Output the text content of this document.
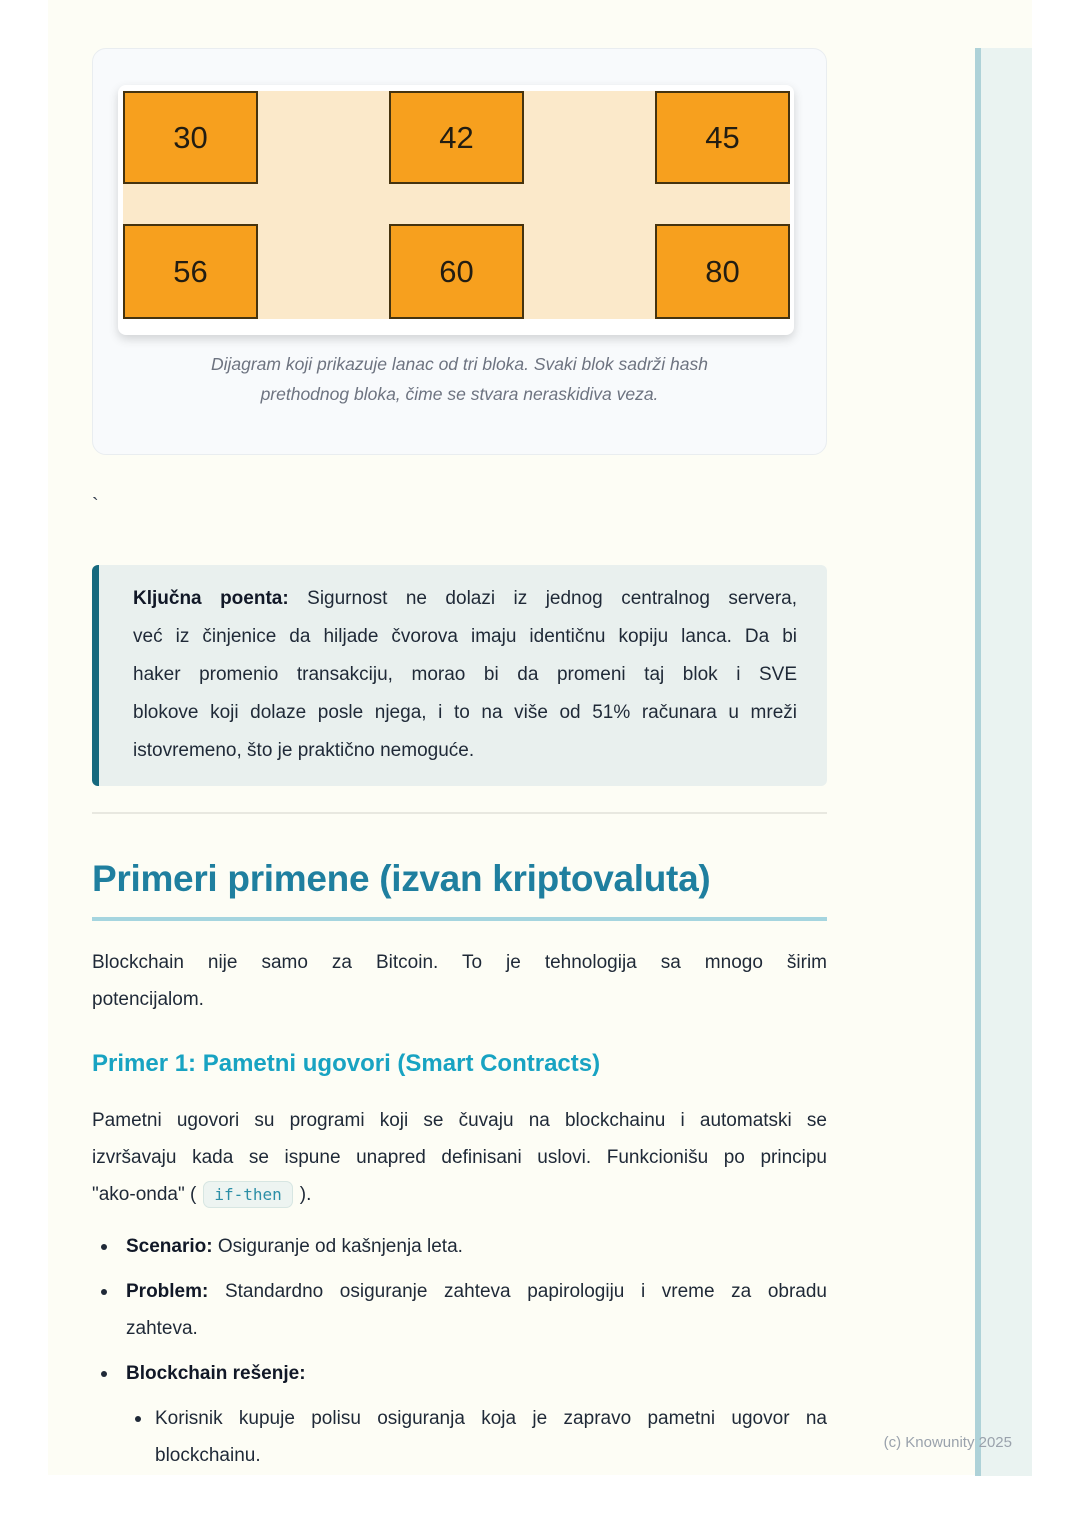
30	42	45
56	60	80
Dijagram koji prikazuje lanac od tri bloka. Svaki blok sadrži hash
prethodnog bloka, čime se stvara neraskidiva veza.
`
Ključna poenta: Sigurnost ne dolazi iz jednog centralnog servera,
već iz činjenice da hiljade čvorova imaju identičnu kopiju lanca. Da bi
haker promenio transakciju, morao bi da promeni taj blok i SVE
blokove koji dolaze posle njega, i to na više od 51% računara u mreži
istovremeno, što je praktično nemoguće.
Primeri primene (izvan kriptovaluta)
Blockchain nije samo za Bitcoin. To je tehnologija sa mnogo širim
potencijalom.
Primer 1: Pametni ugovori (Smart Contracts)
Pametni ugovori su programi koji se čuvaju na blockchainu i automatski se
izvršavaju kada se ispune unapred definisani uslovi. Funkcionišu po principu
"ako-onda" ( if-then ).
Scenario: Osiguranje od kašnjenja leta.
Problem: Standardno osiguranje zahteva papirologiju i vreme za obradu
zahteva.
Blockchain rešenje:
Korisnik kupuje polisu osiguranja koja je zapravo pametni ugovor na
blockchainu.
(c) Knowunity 2025
